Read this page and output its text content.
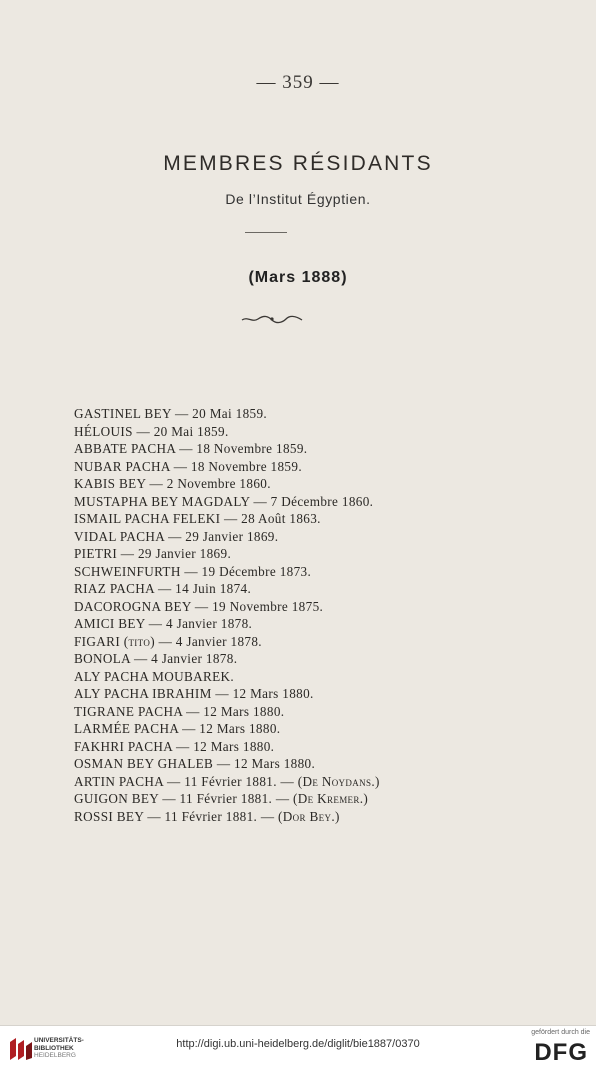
— 359 —
MEMBRES RÉSIDANTS
De l’Institut Égyptien.
(Mars 1888)
GASTINEL BEY — 20 Mai 1859.
HÉLOUIS — 20 Mai 1859.
ABBATE PACHA — 18 Novembre 1859.
NUBAR PACHA — 18 Novembre 1859.
KABIS BEY — 2 Novembre 1860.
MUSTAPHA BEY MAGDALY — 7 Décembre 1860.
ISMAIL PACHA FELEKI — 28 Août 1863.
VIDAL PACHA — 29 Janvier 1869.
PIETRI — 29 Janvier 1869.
SCHWEINFURTH — 19 Décembre 1873.
RIAZ PACHA — 14 Juin 1874.
DACOROGNA BEY — 19 Novembre 1875.
AMICI BEY — 4 Janvier 1878.
FIGARI (tito) — 4 Janvier 1878.
BONOLA — 4 Janvier 1878.
ALY PACHA MOUBAREK.
ALY PACHA IBRAHIM — 12 Mars 1880.
TIGRANE PACHA — 12 Mars 1880.
LARMÉE PACHA — 12 Mars 1880.
FAKHRI PACHA — 12 Mars 1880.
OSMAN BEY GHALEB — 12 Mars 1880.
ARTIN PACHA — 11 Février 1881. — (De Noydans.)
GUIGON BEY — 11 Février 1881. — (De Kremer.)
ROSSI BEY — 11 Février 1881. — (Dor Bey.)
UNIVERSITÄTS-
BIBLIOTHEK
HEIDELBERG
http://digi.ub.uni-heidelberg.de/diglit/bie1887/0370
gefördert durch die
DFG
